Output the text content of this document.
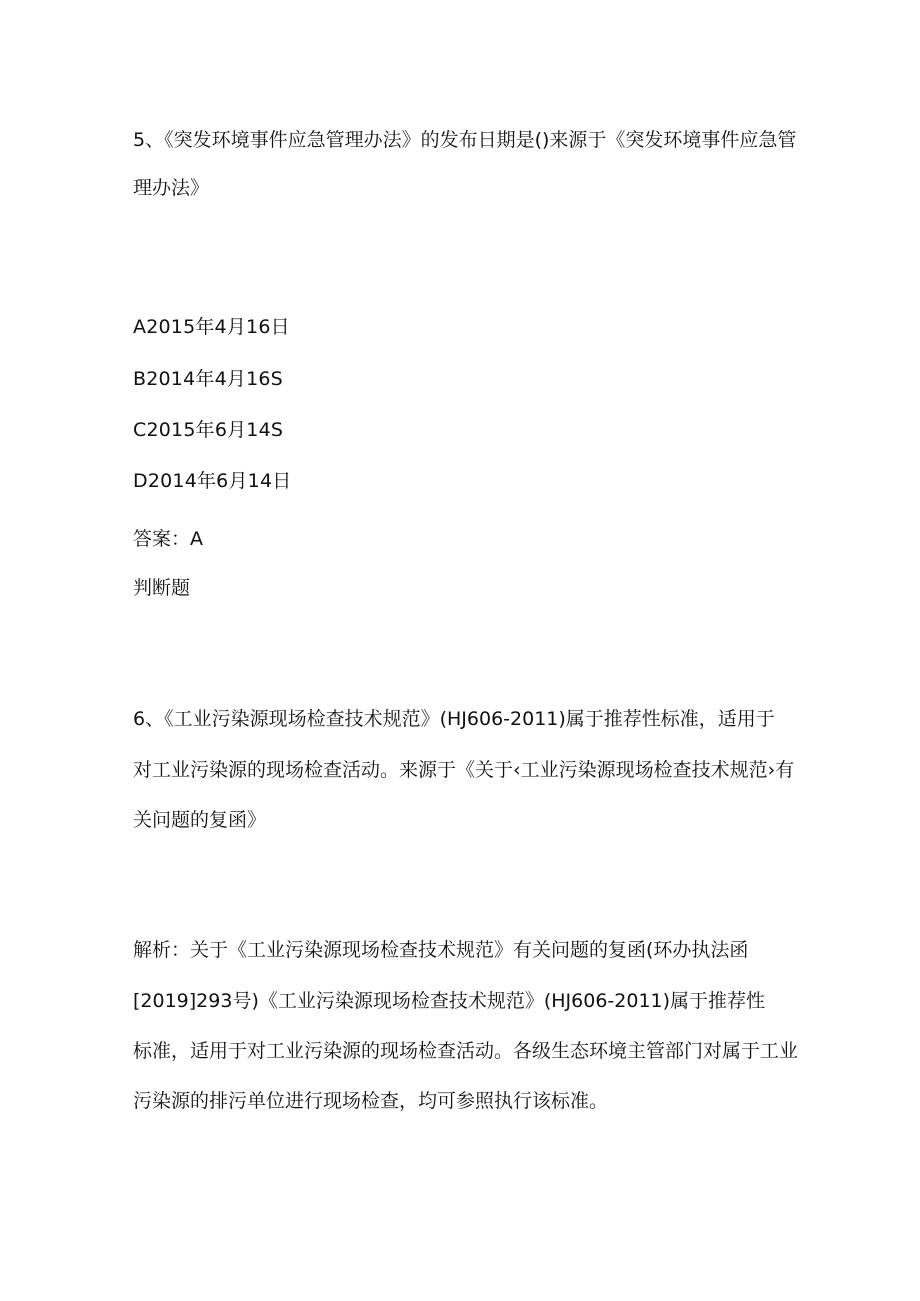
5、《突发环境事件应急管理办法》的发布日期是()来源于《突发环境事件应急管
理办法》
A2015年4月16日
B2014年4月16S
C2015年6月14S
D2014年6月14日
答案：A
判断题
6、《工业污染源现场检查技术规范》(HJ606-2011)属于推荐性标准，适用于
对工业污染源的现场检查活动。来源于《关于‹工业污染源现场检查技术规范›有
关问题的复函》
解析：关于《工业污染源现场检查技术规范》有关问题的复函(环办执法函
[2019]293号)《工业污染源现场检查技术规范》(HJ606-2011)属于推荐性
标准，适用于对工业污染源的现场检查活动。各级生态环境主管部门对属于工业
污染源的排污单位进行现场检查，均可参照执行该标准。
